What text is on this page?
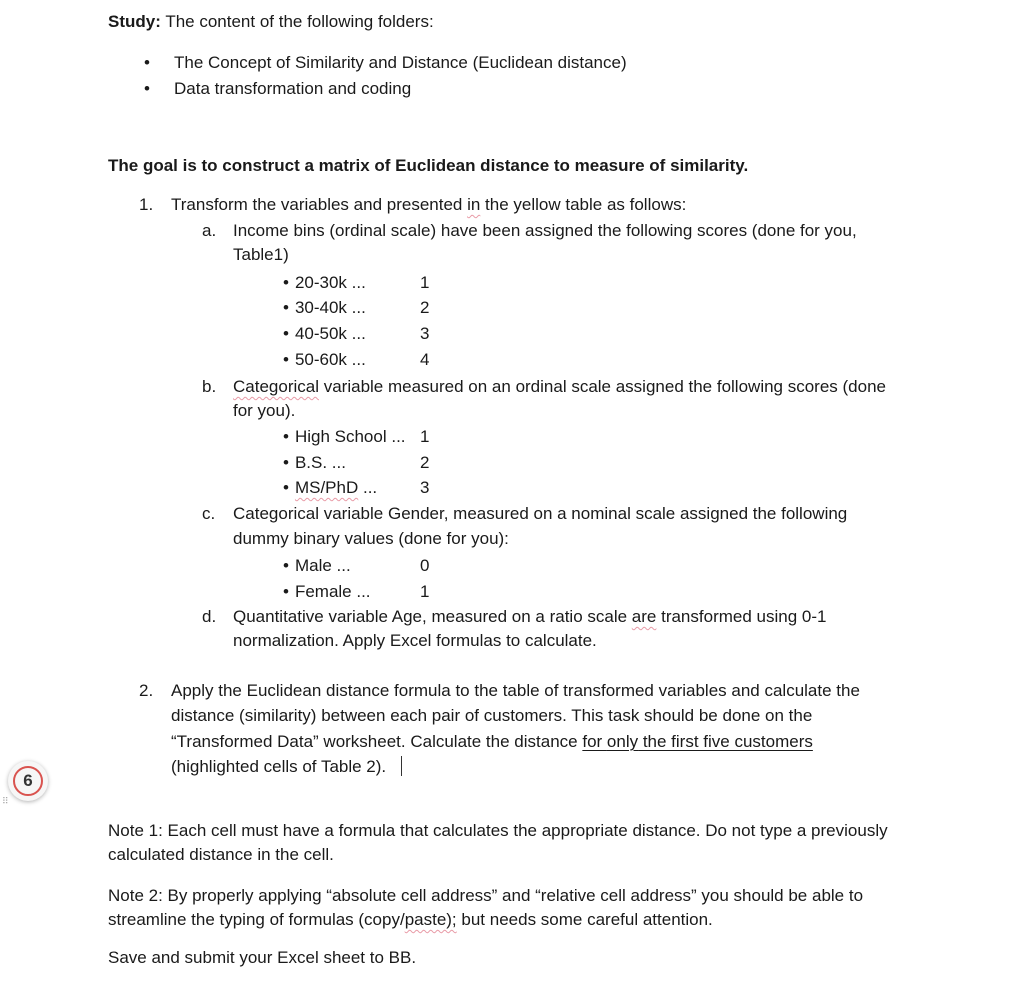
Study: The content of the following folders:
• The Concept of Similarity and Distance (Euclidean distance)
• Data transformation and coding
The goal is to construct a matrix of Euclidean distance to measure of similarity.
1. Transform the variables and presented in the yellow table as follows:
a. Income bins (ordinal scale) have been assigned the following scores (done for you,
Table1)
• 20-30k ...	1
• 30-40k ...	2
• 40-50k ...	3
• 50-60k ...	4
b. Categorical variable measured on an ordinal scale assigned the following scores (done
for you).
• High School ... 1
• B.S. ...	2
• MS/PhD ...	3
c. Categorical variable Gender, measured on a nominal scale assigned the following
dummy binary values (done for you):
• Male ...	0
• Female ...	1
d. Quantitative variable Age, measured on a ratio scale are transformed using 0-1
normalization. Apply Excel formulas to calculate.
2. Apply the Euclidean distance formula to the table of transformed variables and calculate the
distance (similarity) between each pair of customers. This task should be done on the
“Transformed Data” worksheet. Calculate the distance for only the first five customers
(highlighted cells of Table 2).
Note 1: Each cell must have a formula that calculates the appropriate distance. Do not type a previously
calculated distance in the cell.
Note 2: By properly applying “absolute cell address” and “relative cell address” you should be able to
streamline the typing of formulas (copy/paste); but needs some careful attention.
Save and submit your Excel sheet to BB.
6
⠿
